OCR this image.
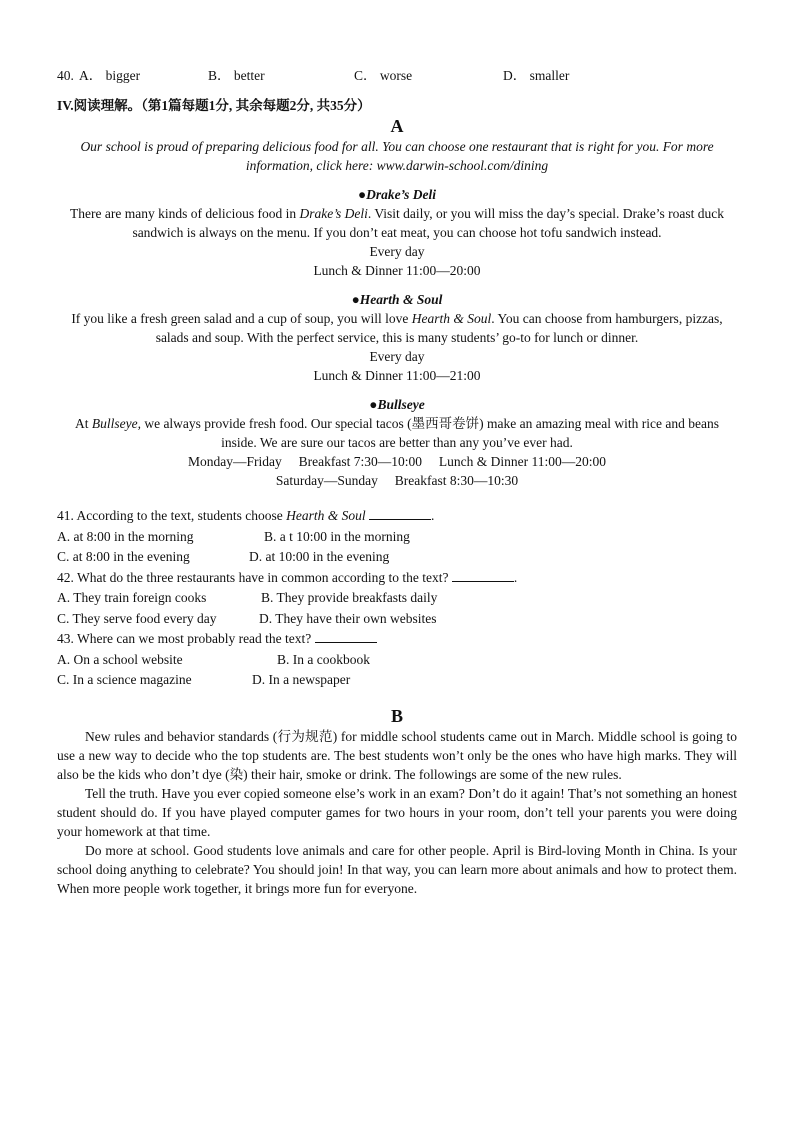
40. A． bigger	B． better	C． worse	D． smaller

IV.阅读理解。（第1篇每题1分, 其余每题2分, 共35分）

A

Our school is proud of preparing delicious food for all. You can choose one restaurant that is right for you. For more information, click here: www.darwin-school.com/dining

●Drake’s Deli

There are many kinds of delicious food in Drake’s Deli. Visit daily, or you will miss the day’s special. Drake’s roast duck sandwich is always on the menu. If you don’t eat meat, you can choose hot tofu sandwich instead.

Every day

Lunch & Dinner 11:00—20:00

●Hearth & Soul

If you like a fresh green salad and a cup of soup, you will love Hearth & Soul. You can choose from hamburgers, pizzas, salads and soup. With the perfect service, this is many students’ go-to for lunch or dinner.

Every day

Lunch & Dinner 11:00—21:00

●Bullseye

At Bullseye, we always provide fresh food. Our special tacos (墨西哥卷饼) make an amazing meal with rice and beans inside. We are sure our tacos are better than any you’ve ever had.

Monday—Friday     Breakfast 7:30—10:00     Lunch & Dinner 11:00—20:00

Saturday—Sunday     Breakfast 8:30—10:30

41. According to the text, students choose Hearth & Soul	.

A. at 8:00 in the morning	B. a t 10:00 in the morning
C. at 8:00 in the evening	D. at 10:00 in the evening

42. What do the three restaurants have in common according to the text?	.

A. They train foreign cooks	B. They provide breakfasts daily
C. They serve food every day	D. They have their own websites

43. Where can we most probably read the text?

A. On a school website	B. In a cookbook
C. In a science magazine	D. In a newspaper
B

New rules and behavior standards (行为规范) for middle school students came out in March. Middle school is going to use a new way to decide who the top students are. The best students won’t only be the ones who have high marks. They will also be the kids who don’t dye (染) their hair, smoke or drink. The followings are some of the new rules.

Tell the truth. Have you ever copied someone else’s work in an exam? Don’t do it again! That’s not something an honest student should do. If you have played computer games for two hours in your room, don’t tell your parents you were doing your homework at that time.

Do more at school. Good students love animals and care for other people. April is Bird-loving Month in China. Is your school doing anything to celebrate? You should join! In that way, you can learn more about animals and how to protect them. When more people work together, it brings more fun for everyone.
